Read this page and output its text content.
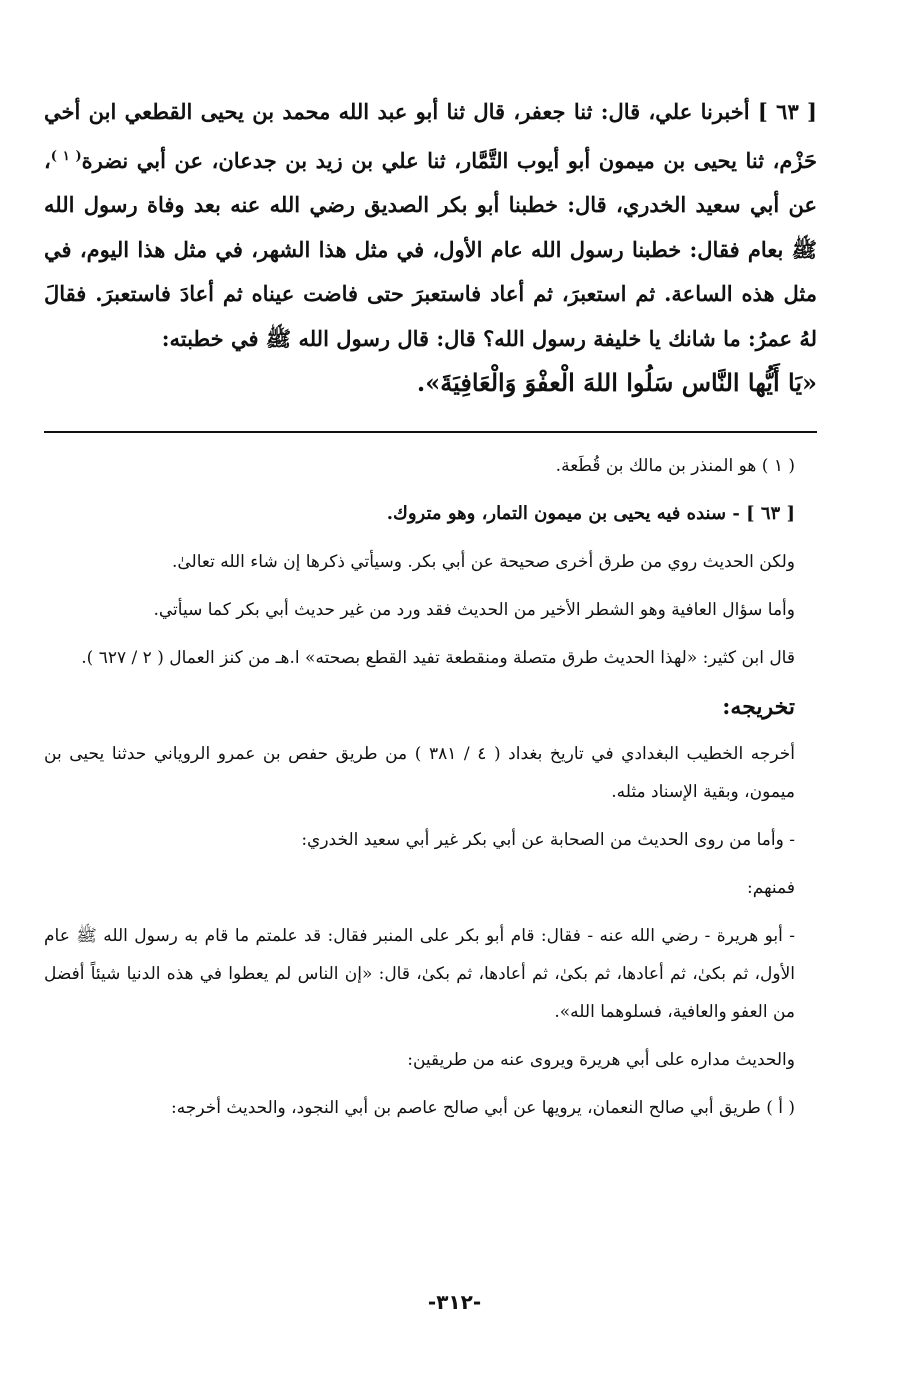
[ ٦٣ ] أخبرنا علي، قال: ثنا جعفر، قال ثنا أبو عبد الله محمد بن يحيى القطعي ابن أخي حَزْم، ثنا يحيى بن ميمون أبو أيوب التَّمَّار، ثنا علي بن زيد بن جدعان، عن أبي نضرة$^{( ١ )}$، عن أبي سعيد الخدري، قال: خطبنا أبو بكر الصديق رضي الله عنه بعد وفاة رسول الله ﷺ بعام فقال: خطبنا رسول الله عام الأول، في مثل هذا الشهر، في مثل هذا اليوم، في مثل هذه الساعة. ثم استعبرَ، ثم أعاد فاستعبرَ حتى فاضت عيناه ثم أعادَ فاستعبرَ. فقالَ لهُ عمرُ: ما شانك يا خليفة رسول الله؟ قال: قال رسول الله ﷺ في خطبته:
«يَا أَيُّها النَّاس سَلُوا اللهَ الْعفْوَ وَالْعَافِيَةَ».

( ١ ) هو المنذر بن مالك بن قُطَعة.

[ ٦٣ ] - سنده فيه يحيى بن ميمون التمار، وهو متروك.

ولكن الحديث روي من طرق أخرى صحيحة عن أبي بكر. وسيأتي ذكرها إن شاء الله تعالىٰ.

وأما سؤال العافية وهو الشطر الأخير من الحديث فقد ورد من غير حديث أبي بكر كما سيأتي.

قال ابن كثير: «لهذا الحديث طرق متصلة ومنقطعة تفيد القطع بصحته» ا.هـ من كنز العمال ( ٢ / ٦٢٧ ).

تخريجه:

أخرجه الخطيب البغدادي في تاريخ بغداد ( ٤ / ٣٨١ ) من طريق حفص بن عمرو الروياني حدثنا يحيى بن ميمون، وبقية الإسناد مثله.

- وأما من روى الحديث من الصحابة عن أبي بكر غير أبي سعيد الخدري:

فمنهم:

- أبو هريرة - رضي الله عنه - فقال: قام أبو بكر على المنبر فقال: قد علمتم ما قام به رسول الله ﷺ عام الأول، ثم بكىٰ، ثم أعادها، ثم بكىٰ، ثم أعادها، ثم بكىٰ، قال: «إن الناس لم يعطوا في هذه الدنيا شيئاً أفضل من العفو والعافية، فسلوهما الله».

والحديث مداره على أبي هريرة ويروى عنه من طريقين:

( أ ) طريق أبي صالح النعمان، يرويها عن أبي صالح عاصم بن أبي النجود، والحديث أخرجه:

-٣١٢-
